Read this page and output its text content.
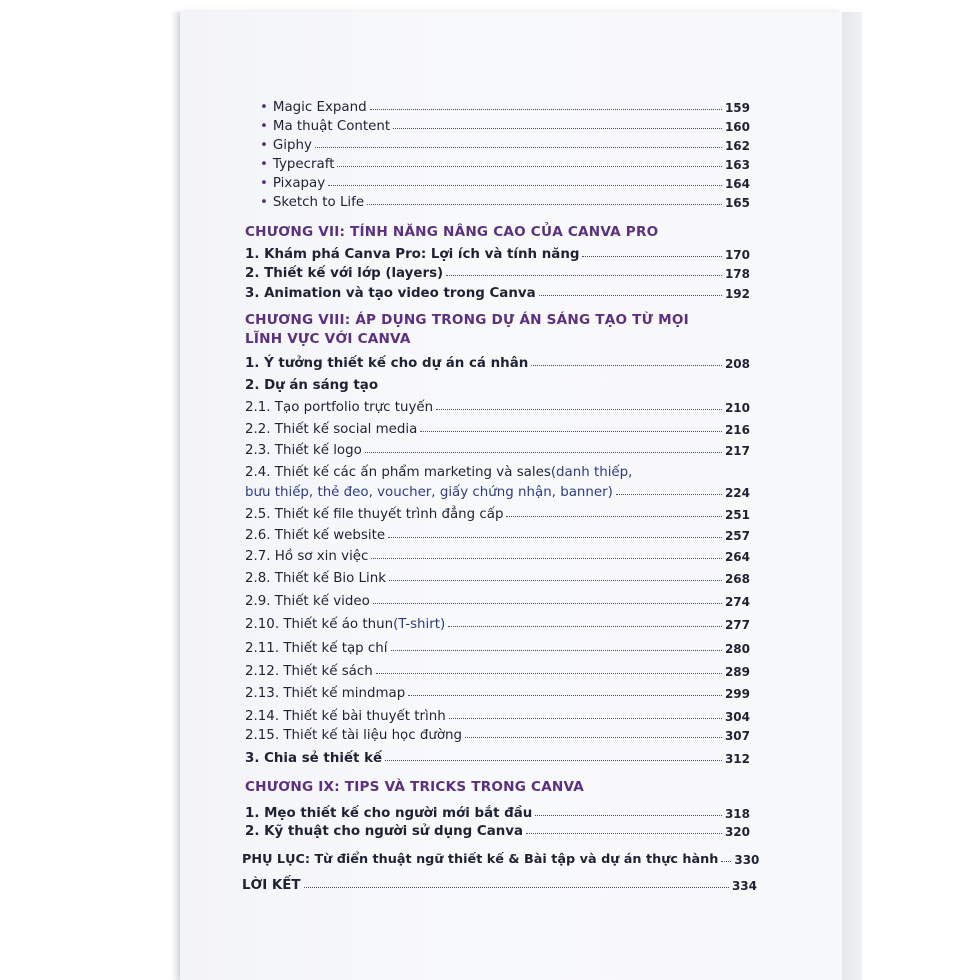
• Magic Expand	159
• Ma thuật Content	160
• Giphy	162
• Typecraft	163
• Pixapay	164
• Sketch to Life	165
CHƯƠNG VII: TÍNH NĂNG NÂNG CAO CỦA CANVA PRO
1. Khám phá Canva Pro: Lợi ích và tính năng	170
2. Thiết kế với lớp (layers)	178
3. Animation và tạo video trong Canva	192
CHƯƠNG VIII: ÁP DỤNG TRONG DỰ ÁN SÁNG TẠO TỪ MỌI
LĨNH VỰC VỚI CANVA
1. Ý tưởng thiết kế cho dự án cá nhân	208
2. Dự án sáng tạo
2.1. Tạo portfolio trực tuyến	210
2.2. Thiết kế social media	216
2.3. Thiết kế logo	217
2.4. Thiết kế các ấn phẩm marketing và sales (danh thiếp,
bưu thiếp, thẻ đeo, voucher, giấy chứng nhận, banner)	224
2.5. Thiết kế file thuyết trình đẳng cấp	251
2.6. Thiết kế website	257
2.7. Hồ sơ xin việc	264
2.8. Thiết kế Bio Link	268
2.9. Thiết kế video	274
2.10. Thiết kế áo thun (T-shirt)	277
2.11. Thiết kế tạp chí	280
2.12. Thiết kế sách	289
2.13. Thiết kế mindmap	299
2.14. Thiết kế bài thuyết trình	304
2.15. Thiết kế tài liệu học đường	307
3. Chia sẻ thiết kế	312
CHƯƠNG IX: TIPS VÀ TRICKS TRONG CANVA
1. Mẹo thiết kế cho người mới bắt đầu	318
2. Kỹ thuật cho người sử dụng Canva	320
PHỤ LỤC: Từ điển thuật ngữ thiết kế & Bài tập và dự án thực hành 330
LỜI KẾT	334
